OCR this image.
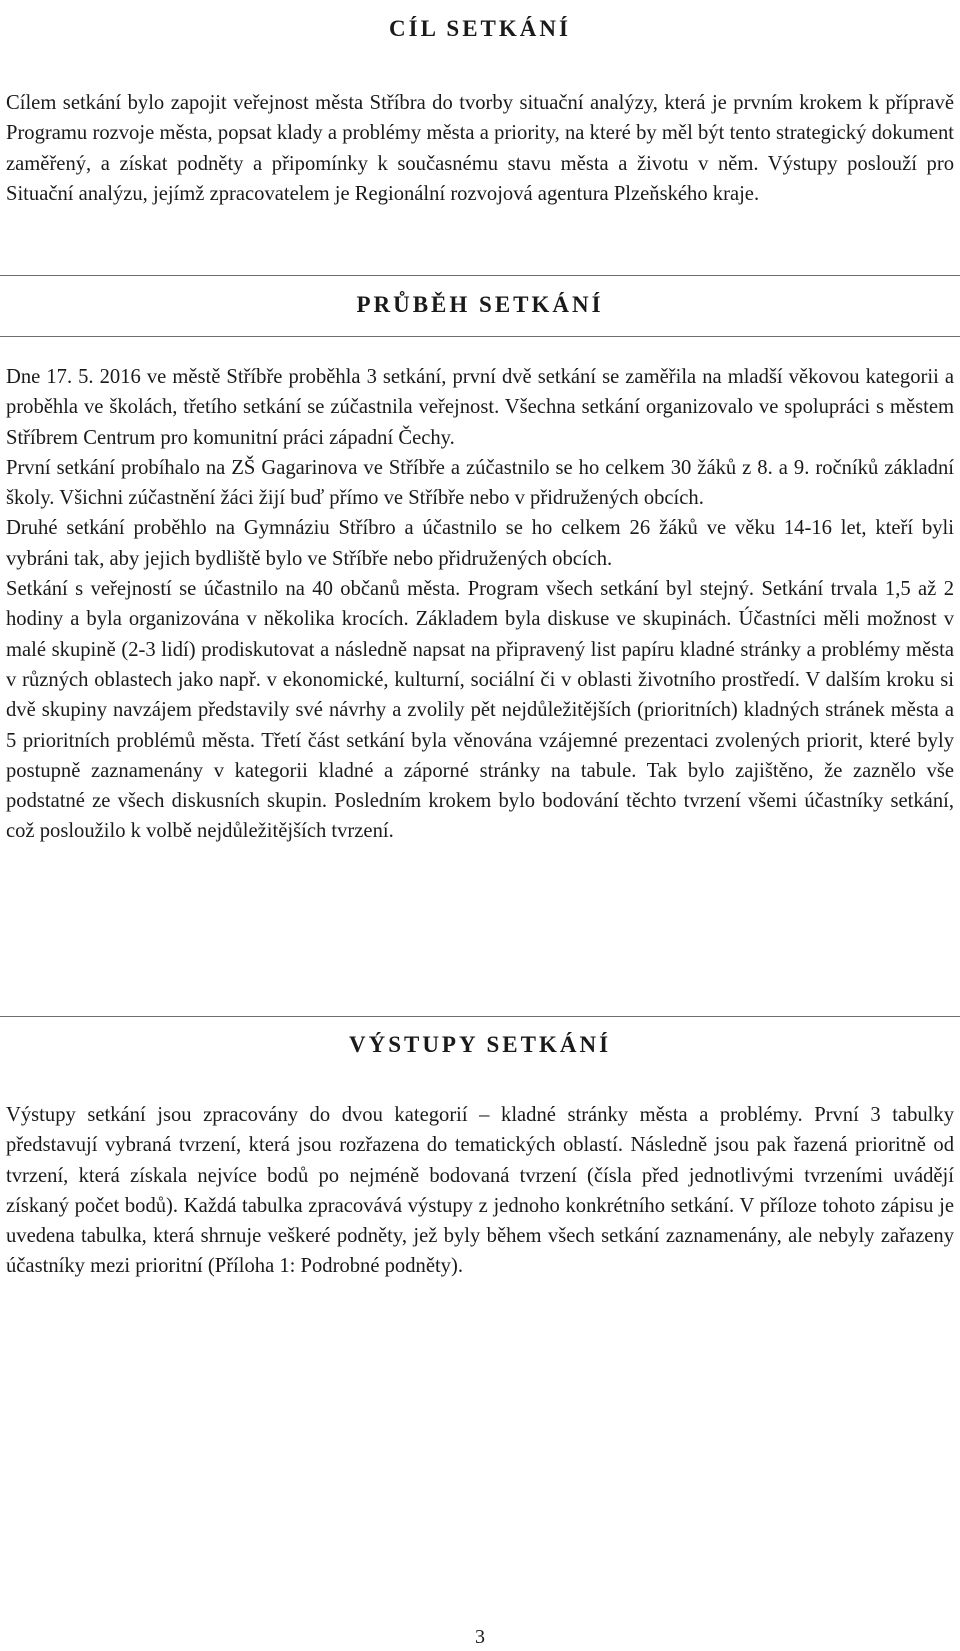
CÍL SETKÁNÍ

Cílem setkání bylo zapojit veřejnost města Stříbra do tvorby situační analýzy, která je prvním krokem k přípravě Programu rozvoje města, popsat klady a problémy města a priority, na které by měl být tento strategický dokument zaměřený, a získat podněty a připomínky k současnému stavu města a životu v něm. Výstupy poslouží pro Situační analýzu, jejímž zpracovatelem je Regionální rozvojová agentura Plzeňského kraje.

PRŮBĚH SETKÁNÍ

Dne 17. 5. 2016 ve městě Stříbře proběhla 3 setkání, první dvě setkání se zaměřila na mladší věkovou kategorii a proběhla ve školách, třetího setkání se zúčastnila veřejnost. Všechna setkání organizovalo ve spolupráci s městem Stříbrem Centrum pro komunitní práci západní Čechy.

První setkání probíhalo na ZŠ Gagarinova ve Stříbře a zúčastnilo se ho celkem 30 žáků z 8. a 9. ročníků základní školy. Všichni zúčastnění žáci žijí buď přímo ve Stříbře nebo v přidružených obcích.

Druhé setkání proběhlo na Gymnáziu Stříbro a účastnilo se ho celkem 26 žáků ve věku 14-16 let, kteří byli vybráni tak, aby jejich bydliště bylo ve Stříbře nebo přidružených obcích.

Setkání s veřejností se účastnilo na 40 občanů města. Program všech setkání byl stejný. Setkání trvala 1,5 až 2 hodiny a byla organizována v několika krocích. Základem byla diskuse ve skupinách. Účastníci měli možnost v malé skupině (2-3 lidí) prodiskutovat a následně napsat na připravený list papíru kladné stránky a problémy města v různých oblastech jako např. v ekonomické, kulturní, sociální či v oblasti životního prostředí. V dalším kroku si dvě skupiny navzájem představily své návrhy a zvolily pět nejdůležitějších (prioritních) kladných stránek města a 5 prioritních problémů města. Třetí část setkání byla věnována vzájemné prezentaci zvolených priorit, které byly postupně zaznamenány v kategorii kladné a záporné stránky na tabule. Tak bylo zajištěno, že zaznělo vše podstatné ze všech diskusních skupin. Posledním krokem bylo bodování těchto tvrzení všemi účastníky setkání, což posloužilo k volbě nejdůležitějších tvrzení.

VÝSTUPY SETKÁNÍ

Výstupy setkání jsou zpracovány do dvou kategorií – kladné stránky města a problémy. První 3 tabulky představují vybraná tvrzení, která jsou rozřazena do tematických oblastí. Následně jsou pak řazená prioritně od tvrzení, která získala nejvíce bodů po nejméně bodovaná tvrzení (čísla před jednotlivými tvrzeními uvádějí získaný počet bodů). Každá tabulka zpracovává výstupy z jednoho konkrétního setkání. V příloze tohoto zápisu je uvedena tabulka, která shrnuje veškeré podněty, jež byly během všech setkání zaznamenány, ale nebyly zařazeny účastníky mezi prioritní (Příloha 1: Podrobné podněty).

3
